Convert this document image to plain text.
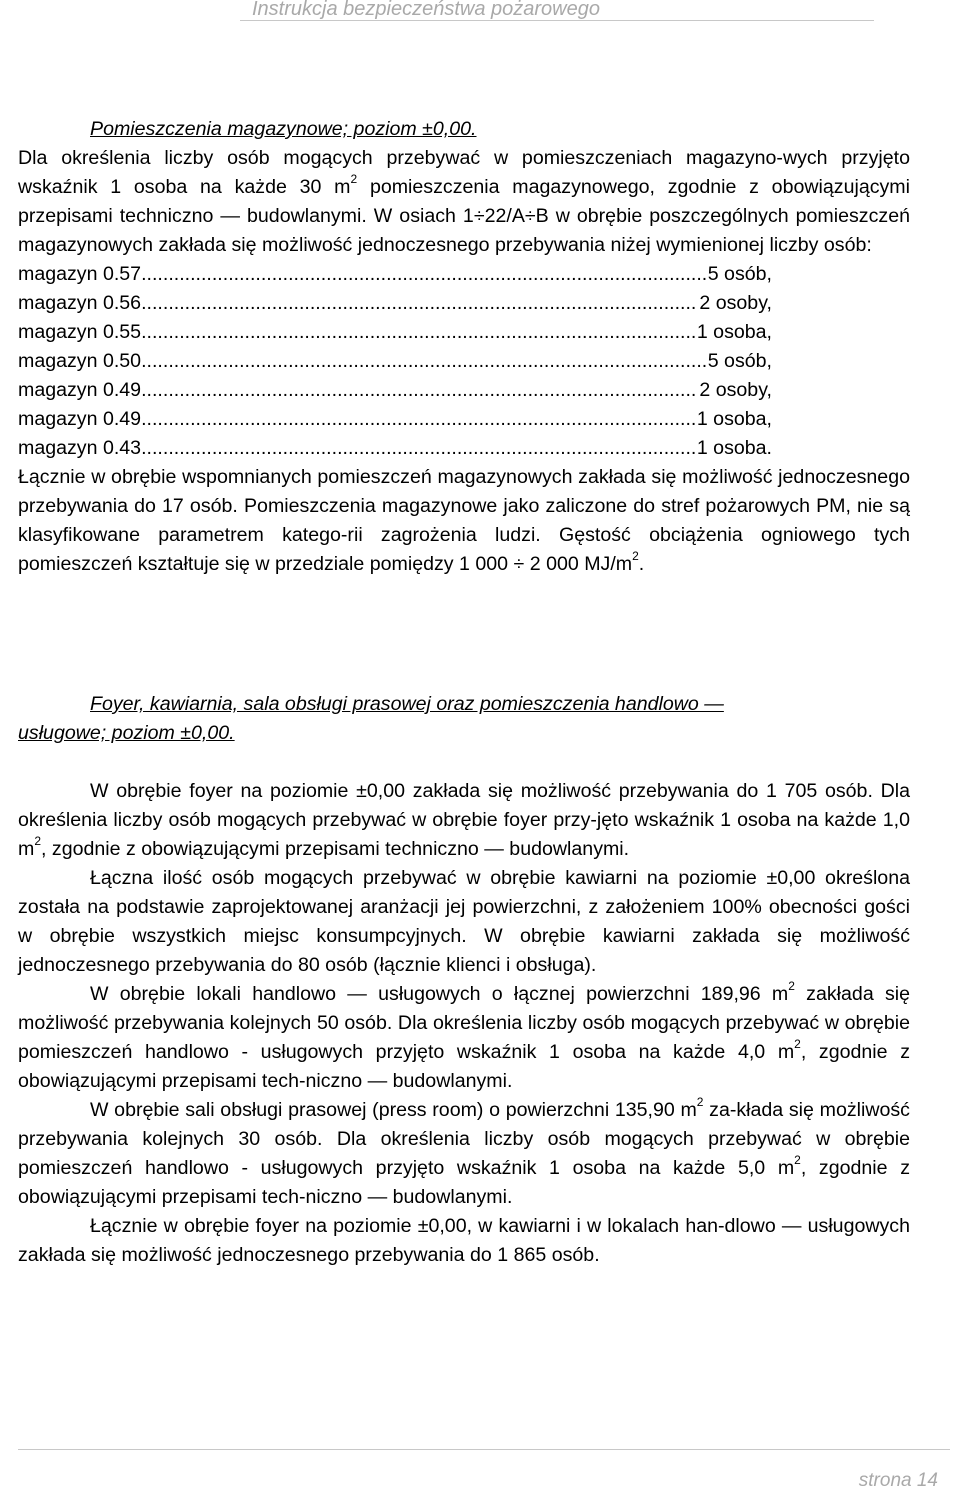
Instrukcja bezpieczeństwa pożarowego
Pomieszczenia magazynowe; poziom ±0,00.

Dla określenia liczby osób mogących przebywać w pomieszczeniach magazyno-wych przyjęto wskaźnik 1 osoba na każde 30 $m^2$ pomieszczenia magazynowego, zgodnie z obowiązującymi przepisami techniczno — budowlanymi. W osiach 1÷22/A÷B w obrębie poszczególnych pomieszczeń magazynowych zakłada się możliwość jednoczesnego przebywania niżej wymienionej liczby osób:

magazyn 0.57 .....	5 osób,
magazyn 0.56 .....	2 osoby,
magazyn 0.55 .....	1 osoba,
magazyn 0.50 .....	5 osób,
magazyn 0.49 .....	2 osoby,
magazyn 0.49 .....	1 osoba,
magazyn 0.43 .....	1 osoba.

Łącznie w obrębie wspomnianych pomieszczeń magazynowych zakłada się możliwość jednoczesnego przebywania do 17 osób. Pomieszczenia magazynowe jako zaliczone do stref pożarowych PM, nie są klasyfikowane parametrem katego-rii zagrożenia ludzi. Gęstość obciążenia ogniowego tych pomieszczeń kształtuje się w przedziale pomiędzy 1 000 ÷ 2 000 $MJ/m^2$.

Foyer, kawiarnia, sala obsługi prasowej oraz pomieszczenia handlowo —
usługowe; poziom ±0,00.

W obrębie foyer na poziomie ±0,00 zakłada się możliwość przebywania do 1 705 osób. Dla określenia liczby osób mogących przebywać w obrębie foyer przy-jęto wskaźnik 1 osoba na każde 1,0 $m^2$, zgodnie z obowiązującymi przepisami techniczno — budowlanymi.

Łączna ilość osób mogących przebywać w obrębie kawiarni na poziomie ±0,00 określona została na podstawie zaprojektowanej aranżacji jej powierzchni, z założeniem 100% obecności gości w obrębie wszystkich miejsc konsumpcyjnych. W obrębie kawiarni zakłada się możliwość jednoczesnego przebywania do 80 osób (łącznie klienci i obsługa).

W obrębie lokali handlowo — usługowych o łącznej powierzchni 189,96 $m^2$ zakłada się możliwość przebywania kolejnych 50 osób. Dla określenia liczby osób mogących przebywać w obrębie pomieszczeń handlowo - usługowych przyjęto wskaźnik 1 osoba na każde 4,0 $m^2$, zgodnie z obowiązującymi przepisami tech-niczno — budowlanymi.

W obrębie sali obsługi prasowej (press room) o powierzchni 135,90 $m^2$ za-kłada się możliwość przebywania kolejnych 30 osób. Dla określenia liczby osób mogących przebywać w obrębie pomieszczeń handlowo - usługowych przyjęto wskaźnik 1 osoba na każde 5,0 $m^2$, zgodnie z obowiązującymi przepisami tech-niczno — budowlanymi.

Łącznie w obrębie foyer na poziomie ±0,00, w kawiarni i w lokalach han-dlowo — usługowych zakłada się możliwość jednoczesnego przebywania do 1 865 osób.

strona 14
